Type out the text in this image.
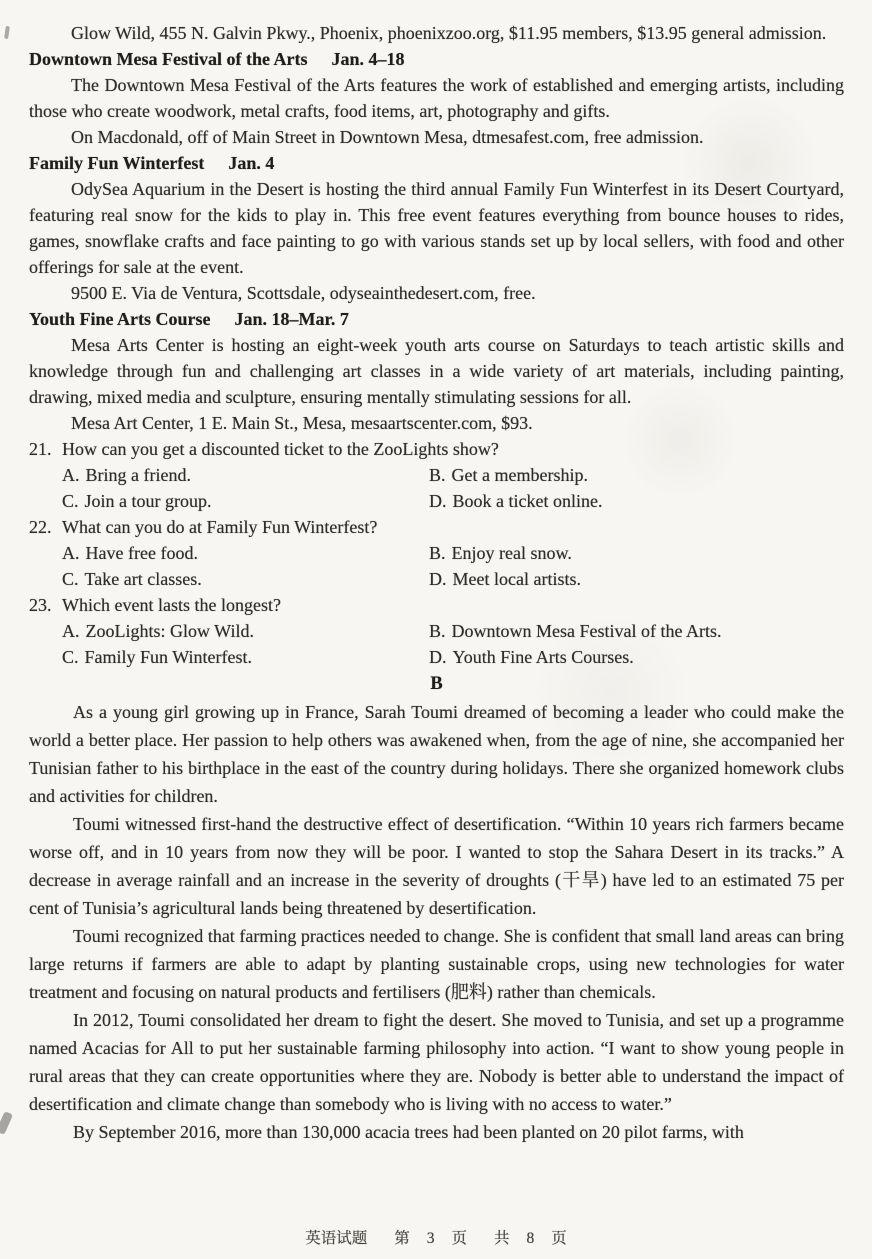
Glow Wild, 455 N. Galvin Pkwy., Phoenix, phoenixzoo.org, $11.95 members, $13.95 general admission.

Downtown Mesa Festival of the Arts Jan. 4–18

The Downtown Mesa Festival of the Arts features the work of established and emerging artists, including those who create woodwork, metal crafts, food items, art, photography and gifts.

On Macdonald, off of Main Street in Downtown Mesa, dtmesafest.com, free admission.

Family Fun Winterfest Jan. 4

OdySea Aquarium in the Desert is hosting the third annual Family Fun Winterfest in its Desert Courtyard, featuring real snow for the kids to play in. This free event features everything from bounce houses to rides, games, snowflake crafts and face painting to go with various stands set up by local sellers, with food and other offerings for sale at the event.

9500 E. Via de Ventura, Scottsdale, odyseainthedesert.com, free.

Youth Fine Arts Course Jan. 18–Mar. 7

Mesa Arts Center is hosting an eight-week youth arts course on Saturdays to teach artistic skills and knowledge through fun and challenging art classes in a wide variety of art materials, including painting, drawing, mixed media and sculpture, ensuring mentally stimulating sessions for all.

Mesa Art Center, 1 E. Main St., Mesa, mesaartscenter.com, $93.

21. How can you get a discounted ticket to the ZooLights show?

A. Bring a friend.	B. Get a membership.

C. Join a tour group.	D. Book a ticket online.

22. What can you do at Family Fun Winterfest?

A. Have free food.	B. Enjoy real snow.

C. Take art classes.	D. Meet local artists.

23. Which event lasts the longest?

A. ZooLights: Glow Wild.	B. Downtown Mesa Festival of the Arts.

C. Family Fun Winterfest.	D. Youth Fine Arts Courses.

B

As a young girl growing up in France, Sarah Toumi dreamed of becoming a leader who could make the world a better place. Her passion to help others was awakened when, from the age of nine, she accompanied her Tunisian father to his birthplace in the east of the country during holidays. There she organized homework clubs and activities for children.

Toumi witnessed first-hand the destructive effect of desertification. “Within 10 years rich farmers became worse off, and in 10 years from now they will be poor. I wanted to stop the Sahara Desert in its tracks.” A decrease in average rainfall and an increase in the severity of droughts (干旱) have led to an estimated 75 per cent of Tunisia’s agricultural lands being threatened by desertification.

Toumi recognized that farming practices needed to change. She is confident that small land areas can bring large returns if farmers are able to adapt by planting sustainable crops, using new technologies for water treatment and focusing on natural products and fertilisers (肥料) rather than chemicals.

In 2012, Toumi consolidated her dream to fight the desert. She moved to Tunisia, and set up a programme named Acacias for All to put her sustainable farming philosophy into action. “I want to show young people in rural areas that they can create opportunities where they are. Nobody is better able to understand the impact of desertification and climate change than somebody who is living with no access to water.”

By September 2016, more than 130,000 acacia trees had been planted on 20 pilot farms, with

英语试题 第 3 页 共 8 页
